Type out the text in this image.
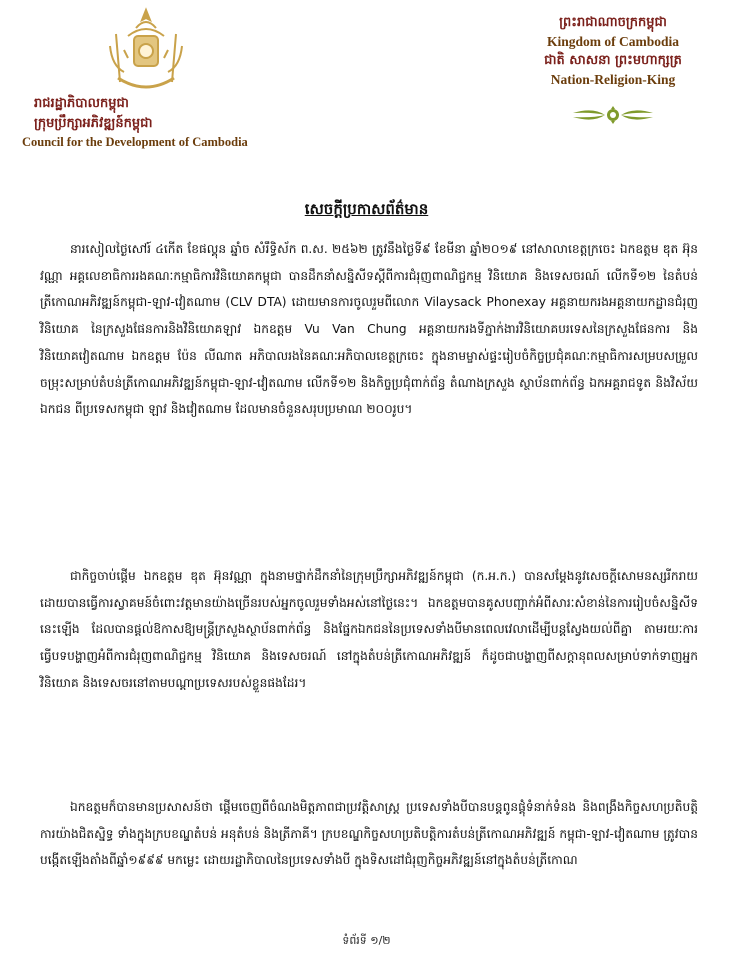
រាជរដ្ឋាភិបាលកម្ពុជា
ក្រុមប្រឹក្សាអភិវឌ្ឍន៍កម្ពុជា
Council for the Development of Cambodia
ព្រះរាជាណាចក្រកម្ពុជា
Kingdom of Cambodia
ជាតិ សាសនា ព្រះមហាក្សត្រ
Nation-Religion-King
សេចក្តីប្រកាសព័ត៌មាន

នារសៀលថ្ងៃសៅរ៍ ៤កើត ខែផល្គុន ឆ្នាំច សំរឹទ្ធិស័ក ព.ស. ២៥៦២ ត្រូវនឹងថ្ងៃទី៩ ខែមីនា ឆ្នាំ២០១៩ នៅសាលាខេត្តក្រចេះ ឯកឧត្តម ឌុត អ៊ុនវណ្ណា អគ្គលេខាធិការរងគណៈកម្មាធិការវិនិយោគកម្ពុជា បានដឹកនាំសន្និសីទស្តីពីការជំរុញពាណិជ្ជកម្ម វិនិយោគ និងទេសចរណ៍ លើកទី១២ នៃតំបន់ត្រីកោណអភិវឌ្ឍន៍កម្ពុជា-ឡាវ-វៀតណាម (CLV DTA) ដោយមានការចូលរួមពីលោក Vilaysack Phonexay អគ្គនាយករងអគ្គនាយកដ្ឋានជំរុញវិនិយោគ នៃក្រសួងផែនការនិងវិនិយោគឡាវ ឯកឧត្តម Vu Van Chung អគ្គនាយករងទីភ្នាក់ងារវិនិយោគបរទេសនៃក្រសួងផែនការ និងវិនិយោគវៀតណាម ឯកឧត្តម ប៉ែន លីណាត អភិបាលរងនៃគណៈអភិបាលខេត្តក្រចេះ ក្នុងនាមម្ចាស់ផ្ទះរៀបចំកិច្ចប្រជុំគណៈកម្មាធិការសម្របសម្រួលចម្រុះសម្រាប់តំបន់ត្រីកោណអភិវឌ្ឍន៍កម្ពុជា-ឡាវ-វៀតណាម លើកទី១២ និងកិច្ចប្រជុំពាក់ព័ន្ធ តំណាងក្រសួង ស្ថាប័នពាក់ព័ន្ធ ឯកអគ្គរាជទូត និងវិស័យឯកជន ពីប្រទេសកម្ពុជា ឡាវ និងវៀតណាម ដែលមានចំនួនសរុបប្រមាណ ២០០រូប។

ជាកិច្ចចាប់ផ្តើម ឯកឧត្តម ឌុត អ៊ុនវណ្ណា ក្នុងនាមថ្នាក់ដឹកនាំនៃក្រុមប្រឹក្សាអភិវឌ្ឍន៍កម្ពុជា (ក.អ.ក.) បានសម្តែងនូវសេចក្តីសោមនស្សរីករាយ ដោយបានធ្វើការស្វាគមន៍ចំពោះវត្តមានយ៉ាងច្រើនរបស់អ្នកចូលរួមទាំងអស់នៅថ្ងៃនេះ។ ឯកឧត្តមបានគូសបញ្ជាក់អំពីសារៈសំខាន់នៃការរៀបចំសន្និសីទនេះឡើង ដែលបានផ្តល់ឱកាសឱ្យមន្ត្រីក្រសួងស្ថាប័នពាក់ព័ន្ធ និងផ្នែកឯកជននៃប្រទេសទាំងបីមានពេលវេលាដើម្បីបន្តស្វែងយល់ពីគ្នា តាមរយៈការធ្វើបទបង្ហាញអំពីការជំរុញពាណិជ្ជកម្ម វិនិយោគ និងទេសចរណ៍ នៅក្នុងតំបន់ត្រីកោណអភិវឌ្ឍន៍ ក៏ដូចជាបង្ហាញពីសក្តានុពលសម្រាប់ទាក់ទាញអ្នកវិនិយោគ និងទេសចរនៅតាមបណ្តាប្រទេសរបស់ខ្លួនផងដែរ។

ឯកឧត្តមក៏បានមានប្រសាសន៍ថា ផ្តើមចេញពីចំណងមិត្តភាពជាប្រវត្តិសាស្ត្រ ប្រទេសទាំងបីបានបន្តពូនផ្តុំទំនាក់ទំនង និងពង្រឹងកិច្ចសហប្រតិបត្តិការយ៉ាងជិតស្និទ្ធ ទាំងក្នុងក្របខណ្ឌតំបន់ អនុតំបន់ និងត្រីភាគី។ ក្របខណ្ឌកិច្ចសហប្រតិបត្តិការតំបន់ត្រីកោណអភិវឌ្ឍន៍ កម្ពុជា-ឡាវ-វៀតណាម ត្រូវបានបង្កើតឡើងតាំងពីឆ្នាំ១៩៩៩ មកម្លេះ ដោយរដ្ឋាភិបាលនៃប្រទេសទាំងបី ក្នុងទិសដៅជំរុញកិច្ចអភិវឌ្ឍន៍នៅក្នុងតំបន់ត្រីកោណ

ទំព័រទី ១/២
